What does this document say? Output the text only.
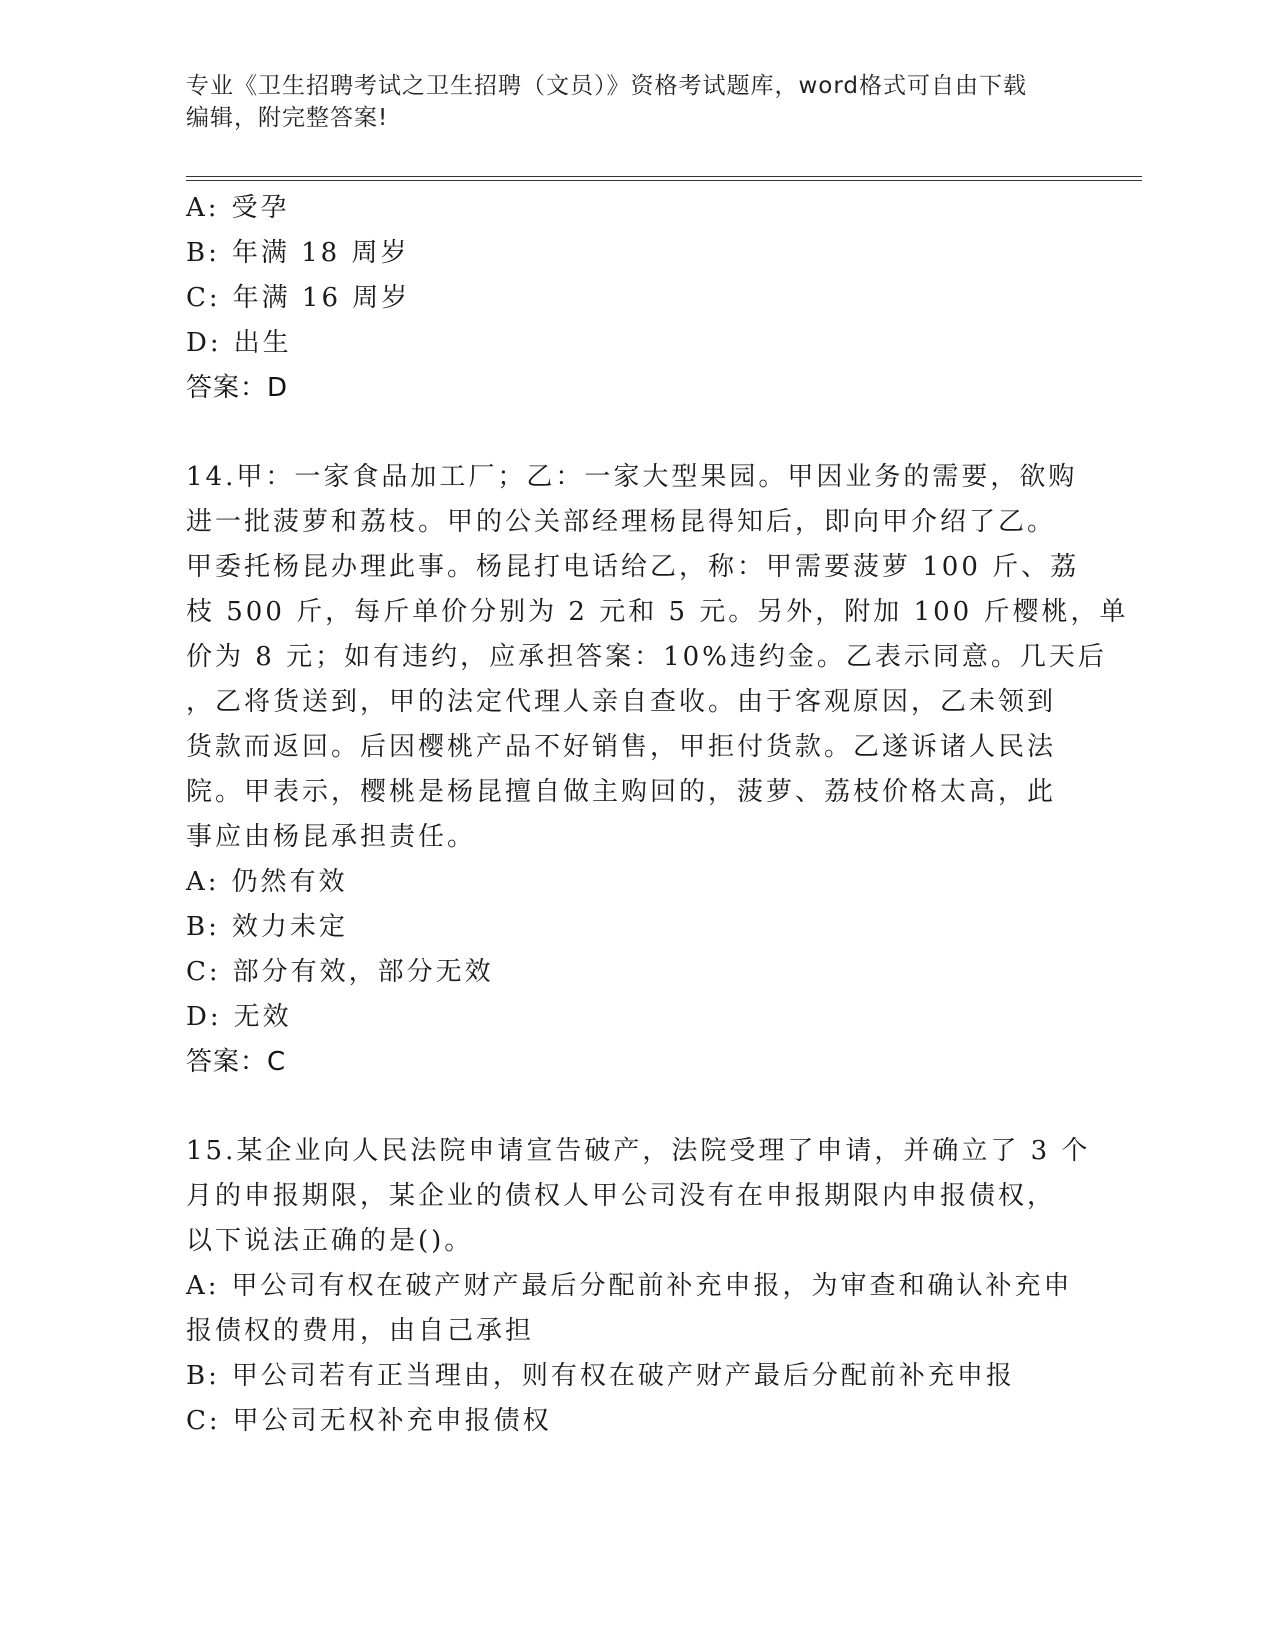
专业《卫生招聘考试之卫生招聘（文员）》资格考试题库，word格式可自由下载
编辑，附完整答案!
A: 受孕
B: 年满 18 周岁
C: 年满 16 周岁
D: 出生
答案：D
14.甲：一家食品加工厂；乙：一家大型果园。甲因业务的需要，欲购
进一批菠萝和荔枝。甲的公关部经理杨昆得知后，即向甲介绍了乙。
甲委托杨昆办理此事。杨昆打电话给乙，称：甲需要菠萝 100 斤、荔
枝 500 斤，每斤单价分别为 2 元和 5 元。另外，附加 100 斤樱桃，单
价为 8 元；如有违约，应承担答案：10%违约金。乙表示同意。几天后
，乙将货送到，甲的法定代理人亲自查收。由于客观原因，乙未领到
货款而返回。后因樱桃产品不好销售，甲拒付货款。乙遂诉诸人民法
院。甲表示，樱桃是杨昆擅自做主购回的，菠萝、荔枝价格太高，此
事应由杨昆承担责任。
A: 仍然有效
B: 效力未定
C: 部分有效，部分无效
D: 无效
答案：C
15.某企业向人民法院申请宣告破产，法院受理了申请，并确立了 3 个
月的申报期限，某企业的债权人甲公司没有在申报期限内申报债权，
以下说法正确的是()。
A: 甲公司有权在破产财产最后分配前补充申报，为审查和确认补充申
报债权的费用，由自己承担
B: 甲公司若有正当理由，则有权在破产财产最后分配前补充申报
C: 甲公司无权补充申报债权
